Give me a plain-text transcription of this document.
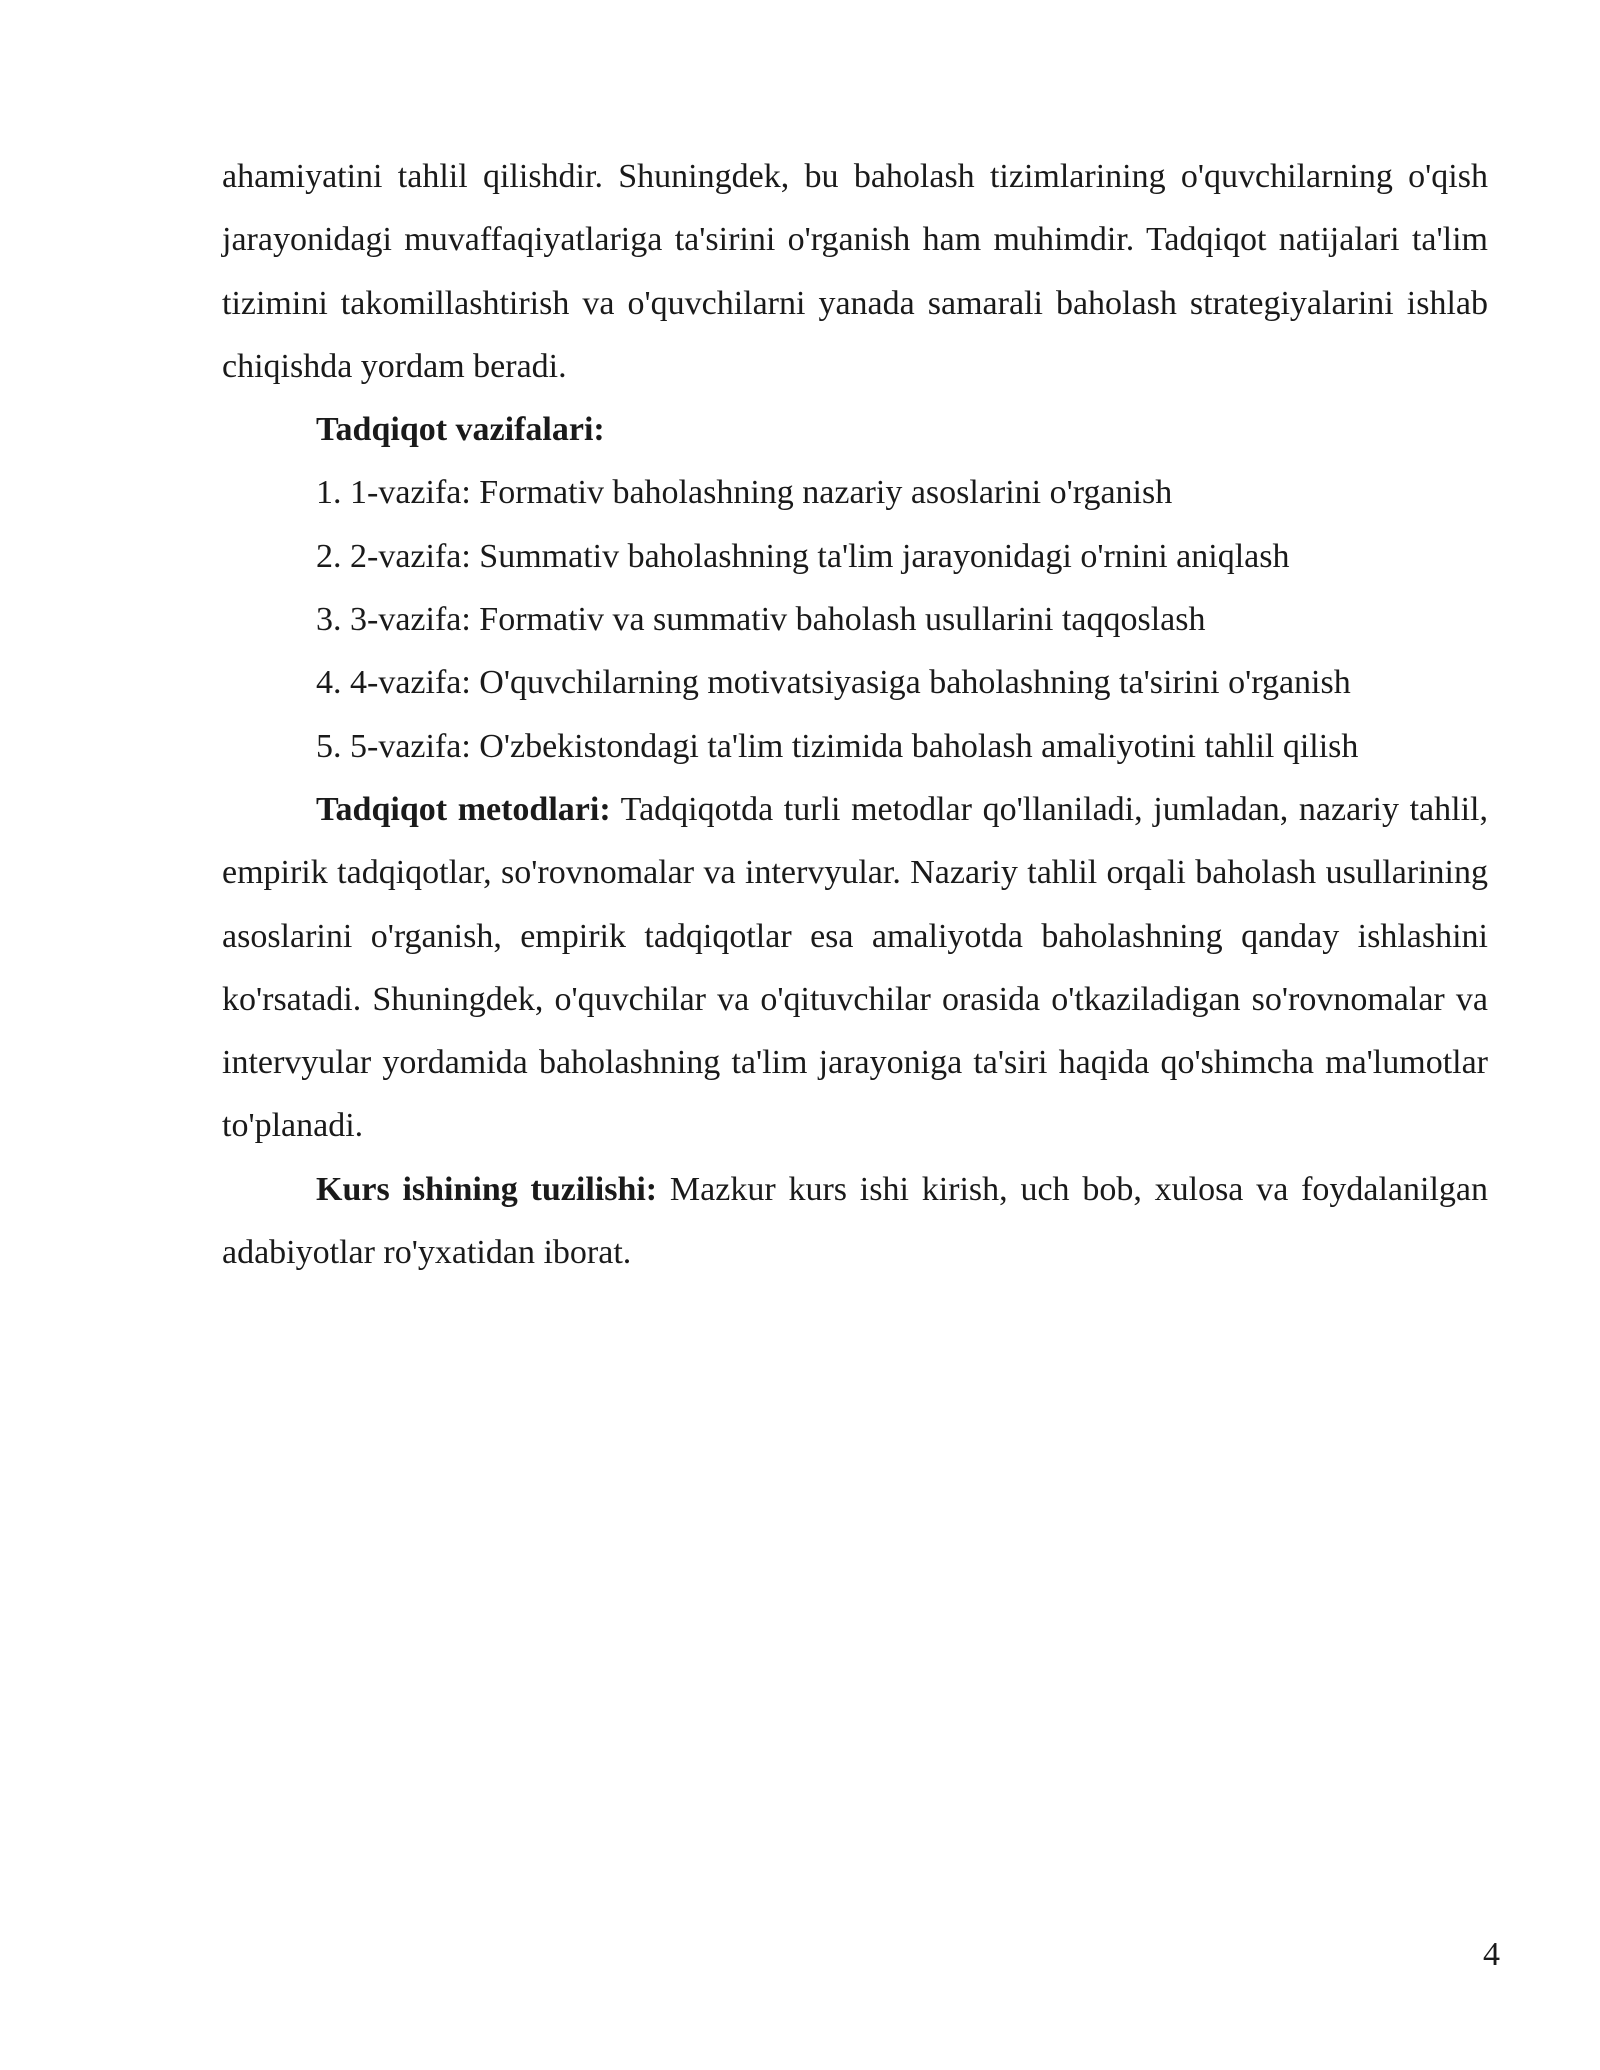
ahamiyatini tahlil qilishdir. Shuningdek, bu baholash tizimlarining o'quvchilarning o'qish jarayonidagi muvaffaqiyatlariga ta'sirini o'rganish ham muhimdir. Tadqiqot natijalari ta'lim tizimini takomillashtirish va o'quvchilarni yanada samarali baholash strategiyalarini ishlab chiqishda yordam beradi.

Tadqiqot vazifalari:

1. 1-vazifa: Formativ baholashning nazariy asoslarini o'rganish
2. 2-vazifa: Summativ baholashning ta'lim jarayonidagi o'rnini aniqlash
3. 3-vazifa: Formativ va summativ baholash usullarini taqqoslash
4. 4-vazifa: O'quvchilarning motivatsiyasiga baholashning ta'sirini o'rganish
5. 5-vazifa: O'zbekistondagi ta'lim tizimida baholash amaliyotini tahlil qilish

Tadqiqot metodlari: Tadqiqotda turli metodlar qo'llaniladi, jumladan, nazariy tahlil, empirik tadqiqotlar, so'rovnomalar va intervyular. Nazariy tahlil orqali baholash usullarining asoslarini o'rganish, empirik tadqiqotlar esa amaliyotda baholashning qanday ishlashini ko'rsatadi. Shuningdek, o'quvchilar va o'qituvchilar orasida o'tkaziladigan so'rovnomalar va intervyular yordamida baholashning ta'lim jarayoniga ta'siri haqida qo'shimcha ma'lumotlar to'planadi.

Kurs ishining tuzilishi: Mazkur kurs ishi kirish, uch bob, xulosa va foydalanilgan adabiyotlar ro'yxatidan iborat.

4
